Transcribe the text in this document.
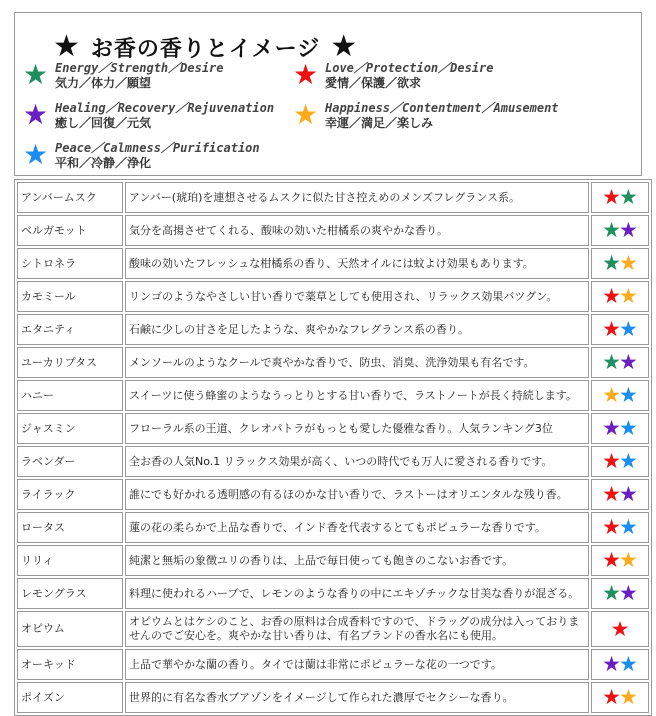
★ お香の香りとイメージ ★
★ Energy／Strength／Desire
気力／体力／願望	★ Love／Protection／Desire
愛情／保護／欲求
★ Healing／Recovery／Rejuvenation
癒し／回復／元気	★ Happiness／Contentment／Amusement
幸運／満足／楽しみ
★ Peace／Calmness／Purification
平和／冷静／浄化
アンバームスク	アンバー(琥珀)を連想させるムスクに似た甘さ控えめのメンズフレグランス系。	★★
ベルガモット	気分を高揚させてくれる、酸味の効いた柑橘系の爽やかな香り。	★★
シトロネラ	酸味の効いたフレッシュな柑橘系の香り、天然オイルには蚊よけ効果もあります。	★★
カモミール	リンゴのようなやさしい甘い香りで薬草としても使用され、リラックス効果バツグン。	★★
エタニティ	石鹸に少しの甘さを足したような、爽やかなフレグランス系の香り。	★★
ユーカリプタス	メンソールのようなクールで爽やかな香りで、防虫、消臭、洗浄効果も有名です。	★★
ハニー	スイーツに使う蜂蜜のようなうっとりとする甘い香りで、ラストノートが長く持続します。	★★
ジャスミン	フローラル系の王道、クレオパトラがもっとも愛した優雅な香り。人気ランキング3位	★★
ラベンダー	全お香の人気No.1 リラックス効果が高く、いつの時代でも万人に愛される香りです。	★★
ライラック	誰にでも好かれる透明感の有るほのかな甘い香りで、ラストーはオリエンタルな残り香。	★★
ロータス	蓮の花の柔らかで上品な香りで、インド香を代表するとてもポピュラーな香りです。	★★
リリィ	純潔と無垢の象徴ユリの香りは、上品で毎日使っても飽きのこないお香です。	★★
レモングラス	料理に使われるハーブで、レモンのような香りの中にエキゾチックな甘美な香りが混ざる。	★★
オピウム	オピウムとはケシのこと、お香の原料は合成香料ですので、ドラッグの成分は入っておりませんのでご安心を。爽やかな甘い香りは、有名ブランドの香水名にも使用。	★
オーキッド	上品で華やかな蘭の香り。タイでは蘭は非常にポピュラーな花の一つです。	★★
ポイズン	世界的に有名な香水ブアゾンをイメージして作られた濃厚でセクシーな香り。	★★
